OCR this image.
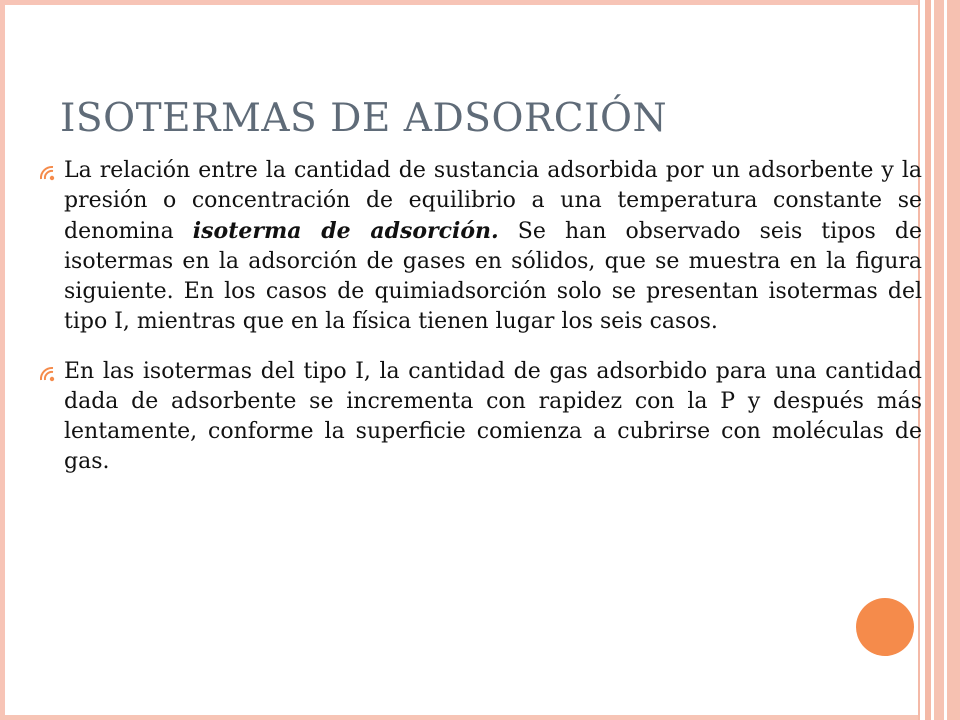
ISOTERMAS DE ADSORCIÓN

La relación entre la cantidad de sustancia adsorbida por un adsorbente y la presión o concentración de equilibrio a una temperatura constante se denomina isoterma de adsorción. Se han observado seis tipos de isotermas en la adsorción de gases en sólidos, que se muestra en la figura siguiente. En los casos de quimiadsorción solo se presentan isotermas del tipo I, mientras que en la física tienen lugar los seis casos.

En las isotermas del tipo I, la cantidad de gas adsorbido para una cantidad dada de adsorbente se incrementa con rapidez con la P y después más lentamente, conforme la superficie comienza a cubrirse con moléculas de gas.
